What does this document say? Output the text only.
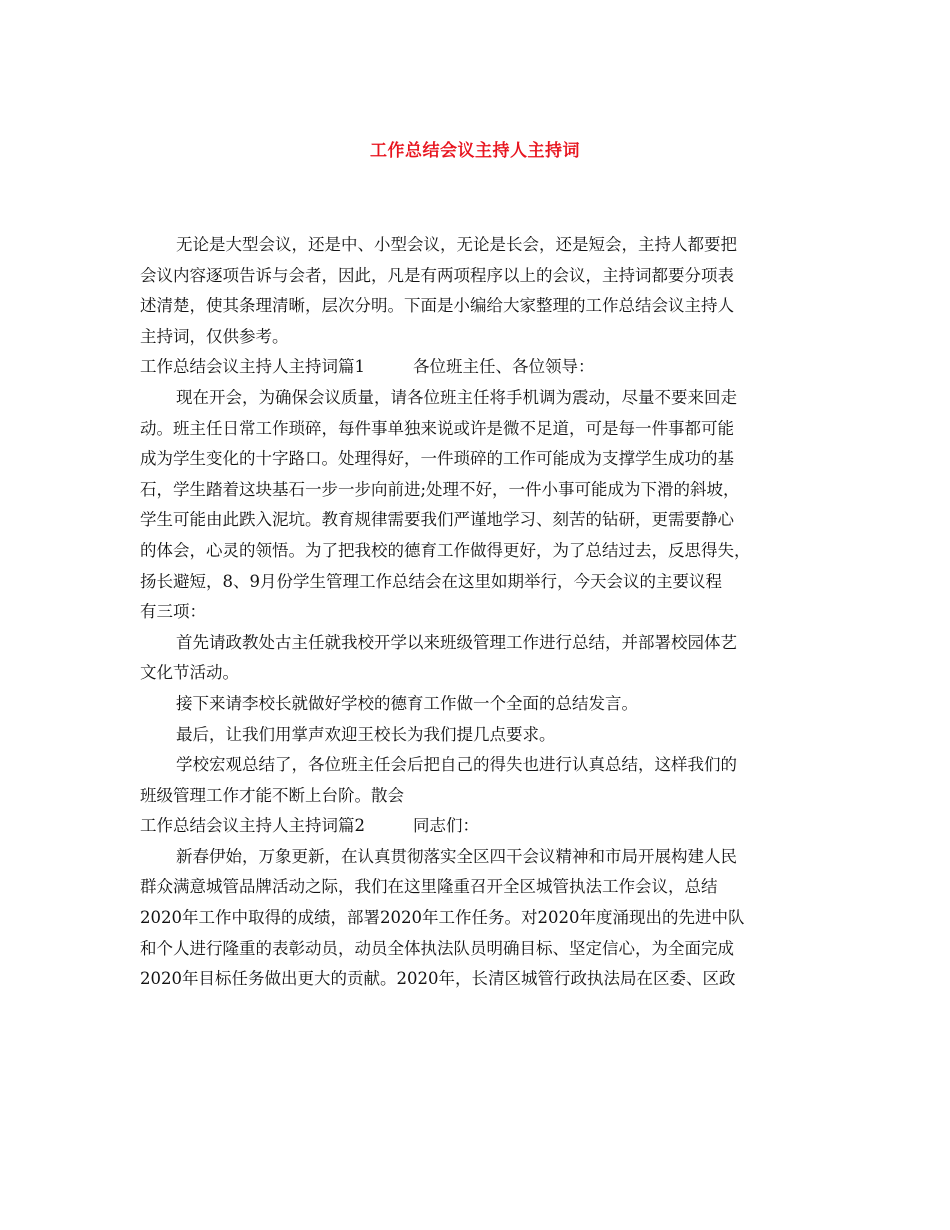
工作总结会议主持人主持词
无论是大型会议，还是中、小型会议，无论是长会，还是短会，主持人都要把
会议内容逐项告诉与会者，因此，凡是有两项程序以上的会议，主持词都要分项表
述清楚，使其条理清晰，层次分明。下面是小编给大家整理的工作总结会议主持人
主持词，仅供参考。
工作总结会议主持人主持词篇1	各位班主任、各位领导：
现在开会，为确保会议质量，请各位班主任将手机调为震动，尽量不要来回走
动。班主任日常工作琐碎，每件事单独来说或许是微不足道，可是每一件事都可能
成为学生变化的十字路口。处理得好，一件琐碎的工作可能成为支撑学生成功的基
石，学生踏着这块基石一步一步向前进;处理不好，一件小事可能成为下滑的斜坡，
学生可能由此跌入泥坑。教育规律需要我们严谨地学习、刻苦的钻研，更需要静心
的体会，心灵的领悟。为了把我校的德育工作做得更好，为了总结过去，反思得失，
扬长避短，8、9月份学生管理工作总结会在这里如期举行，今天会议的主要议程
有三项：
首先请政教处古主任就我校开学以来班级管理工作进行总结，并部署校园体艺
文化节活动。
接下来请李校长就做好学校的德育工作做一个全面的总结发言。
最后，让我们用掌声欢迎王校长为我们提几点要求。
学校宏观总结了，各位班主任会后把自己的得失也进行认真总结，这样我们的
班级管理工作才能不断上台阶。散会
工作总结会议主持人主持词篇2	同志们：
新春伊始，万象更新，在认真贯彻落实全区四干会议精神和市局开展构建人民
群众满意城管品牌活动之际，我们在这里隆重召开全区城管执法工作会议，总结
2020年工作中取得的成绩，部署2020年工作任务。对2020年度涌现出的先进中队
和个人进行隆重的表彰动员，动员全体执法队员明确目标、坚定信心，为全面完成
2020年目标任务做出更大的贡献。2020年，长清区城管行政执法局在区委、区政
